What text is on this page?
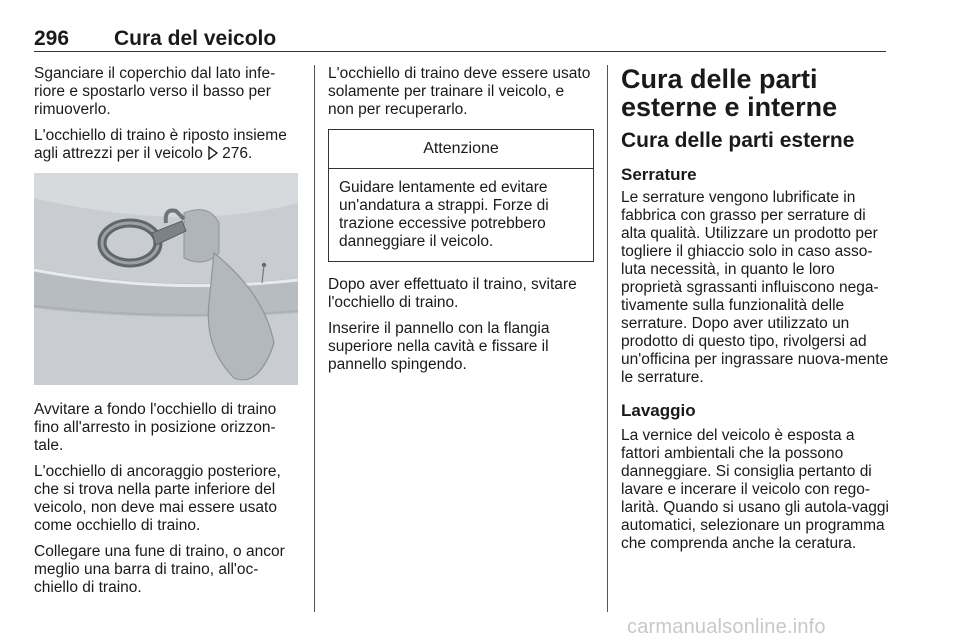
296 Cura del veicolo

Sganciare il coperchio dal lato infe-riore e spostarlo verso il basso per rimuoverlo.

L'occhiello di traino è riposto insieme agli attrezzi per il veicolo 276.

Avvitare a fondo l'occhiello di traino fino all'arresto in posizione orizzon-tale.

L'occhiello di ancoraggio posteriore, che si trova nella parte inferiore del veicolo, non deve mai essere usato come occhiello di traino.

Collegare una fune di traino, o ancor meglio una barra di traino, all'oc-chiello di traino.

L'occhiello di traino deve essere usato solamente per trainare il veicolo, e non per recuperarlo.

Attenzione
Guidare lentamente ed evitare un'andatura a strappi. Forze di trazione eccessive potrebbero danneggiare il veicolo.

Dopo aver effettuato il traino, svitare l'occhiello di traino.

Inserire il pannello con la flangia superiore nella cavità e fissare il pannello spingendo.

Cura delle parti esterne e interne
Cura delle parti esterne
Serrature

Le serrature vengono lubrificate in fabbrica con grasso per serrature di alta qualità. Utilizzare un prodotto per togliere il ghiaccio solo in caso asso-luta necessità, in quanto le loro proprietà sgrassanti influiscono nega-tivamente sulla funzionalità delle serrature. Dopo aver utilizzato un prodotto di questo tipo, rivolgersi ad un'officina per ingrassare nuova-mente le serrature.

Lavaggio

La vernice del veicolo è esposta a fattori ambientali che la possono danneggiare. Si consiglia pertanto di lavare e incerare il veicolo con rego-larità. Quando si usano gli autola-vaggi automatici, selezionare un programma che comprenda anche la ceratura.

carmanualsonline.info
